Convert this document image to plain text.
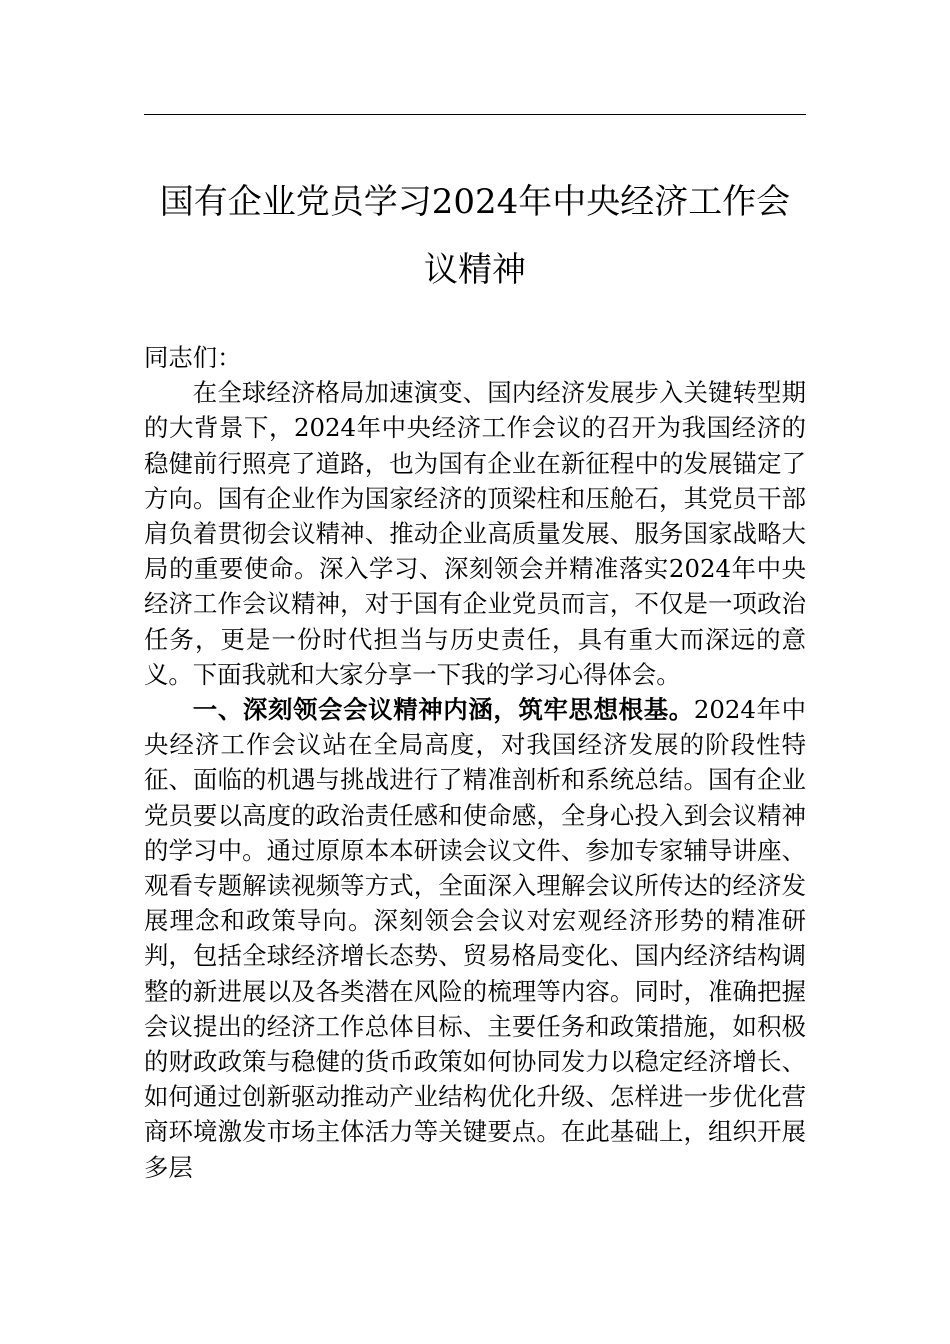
国有企业党员学习2024年中央经济工作会议精神

同志们：

在全球经济格局加速演变、国内经济发展步入关键转型期的大背景下，2024年中央经济工作会议的召开为我国经济的稳健前行照亮了道路，也为国有企业在新征程中的发展锚定了方向。国有企业作为国家经济的顶梁柱和压舱石，其党员干部肩负着贯彻会议精神、推动企业高质量发展、服务国家战略大局的重要使命。深入学习、深刻领会并精准落实2024年中央经济工作会议精神，对于国有企业党员而言，不仅是一项政治任务，更是一份时代担当与历史责任，具有重大而深远的意义。下面我就和大家分享一下我的学习心得体会。

一、深刻领会会议精神内涵，筑牢思想根基。2024年中央经济工作会议站在全局高度，对我国经济发展的阶段性特征、面临的机遇与挑战进行了精准剖析和系统总结。国有企业党员要以高度的政治责任感和使命感，全身心投入到会议精神的学习中。通过原原本本研读会议文件、参加专家辅导讲座、观看专题解读视频等方式，全面深入理解会议所传达的经济发展理念和政策导向。深刻领会会议对宏观经济形势的精准研判，包括全球经济增长态势、贸易格局变化、国内经济结构调整的新进展以及各类潜在风险的梳理等内容。同时，准确把握会议提出的经济工作总体目标、主要任务和政策措施，如积极的财政政策与稳健的货币政策如何协同发力以稳定经济增长、如何通过创新驱动推动产业结构优化升级、怎样进一步优化营商环境激发市场主体活力等关键要点。在此基础上，组织开展多层
